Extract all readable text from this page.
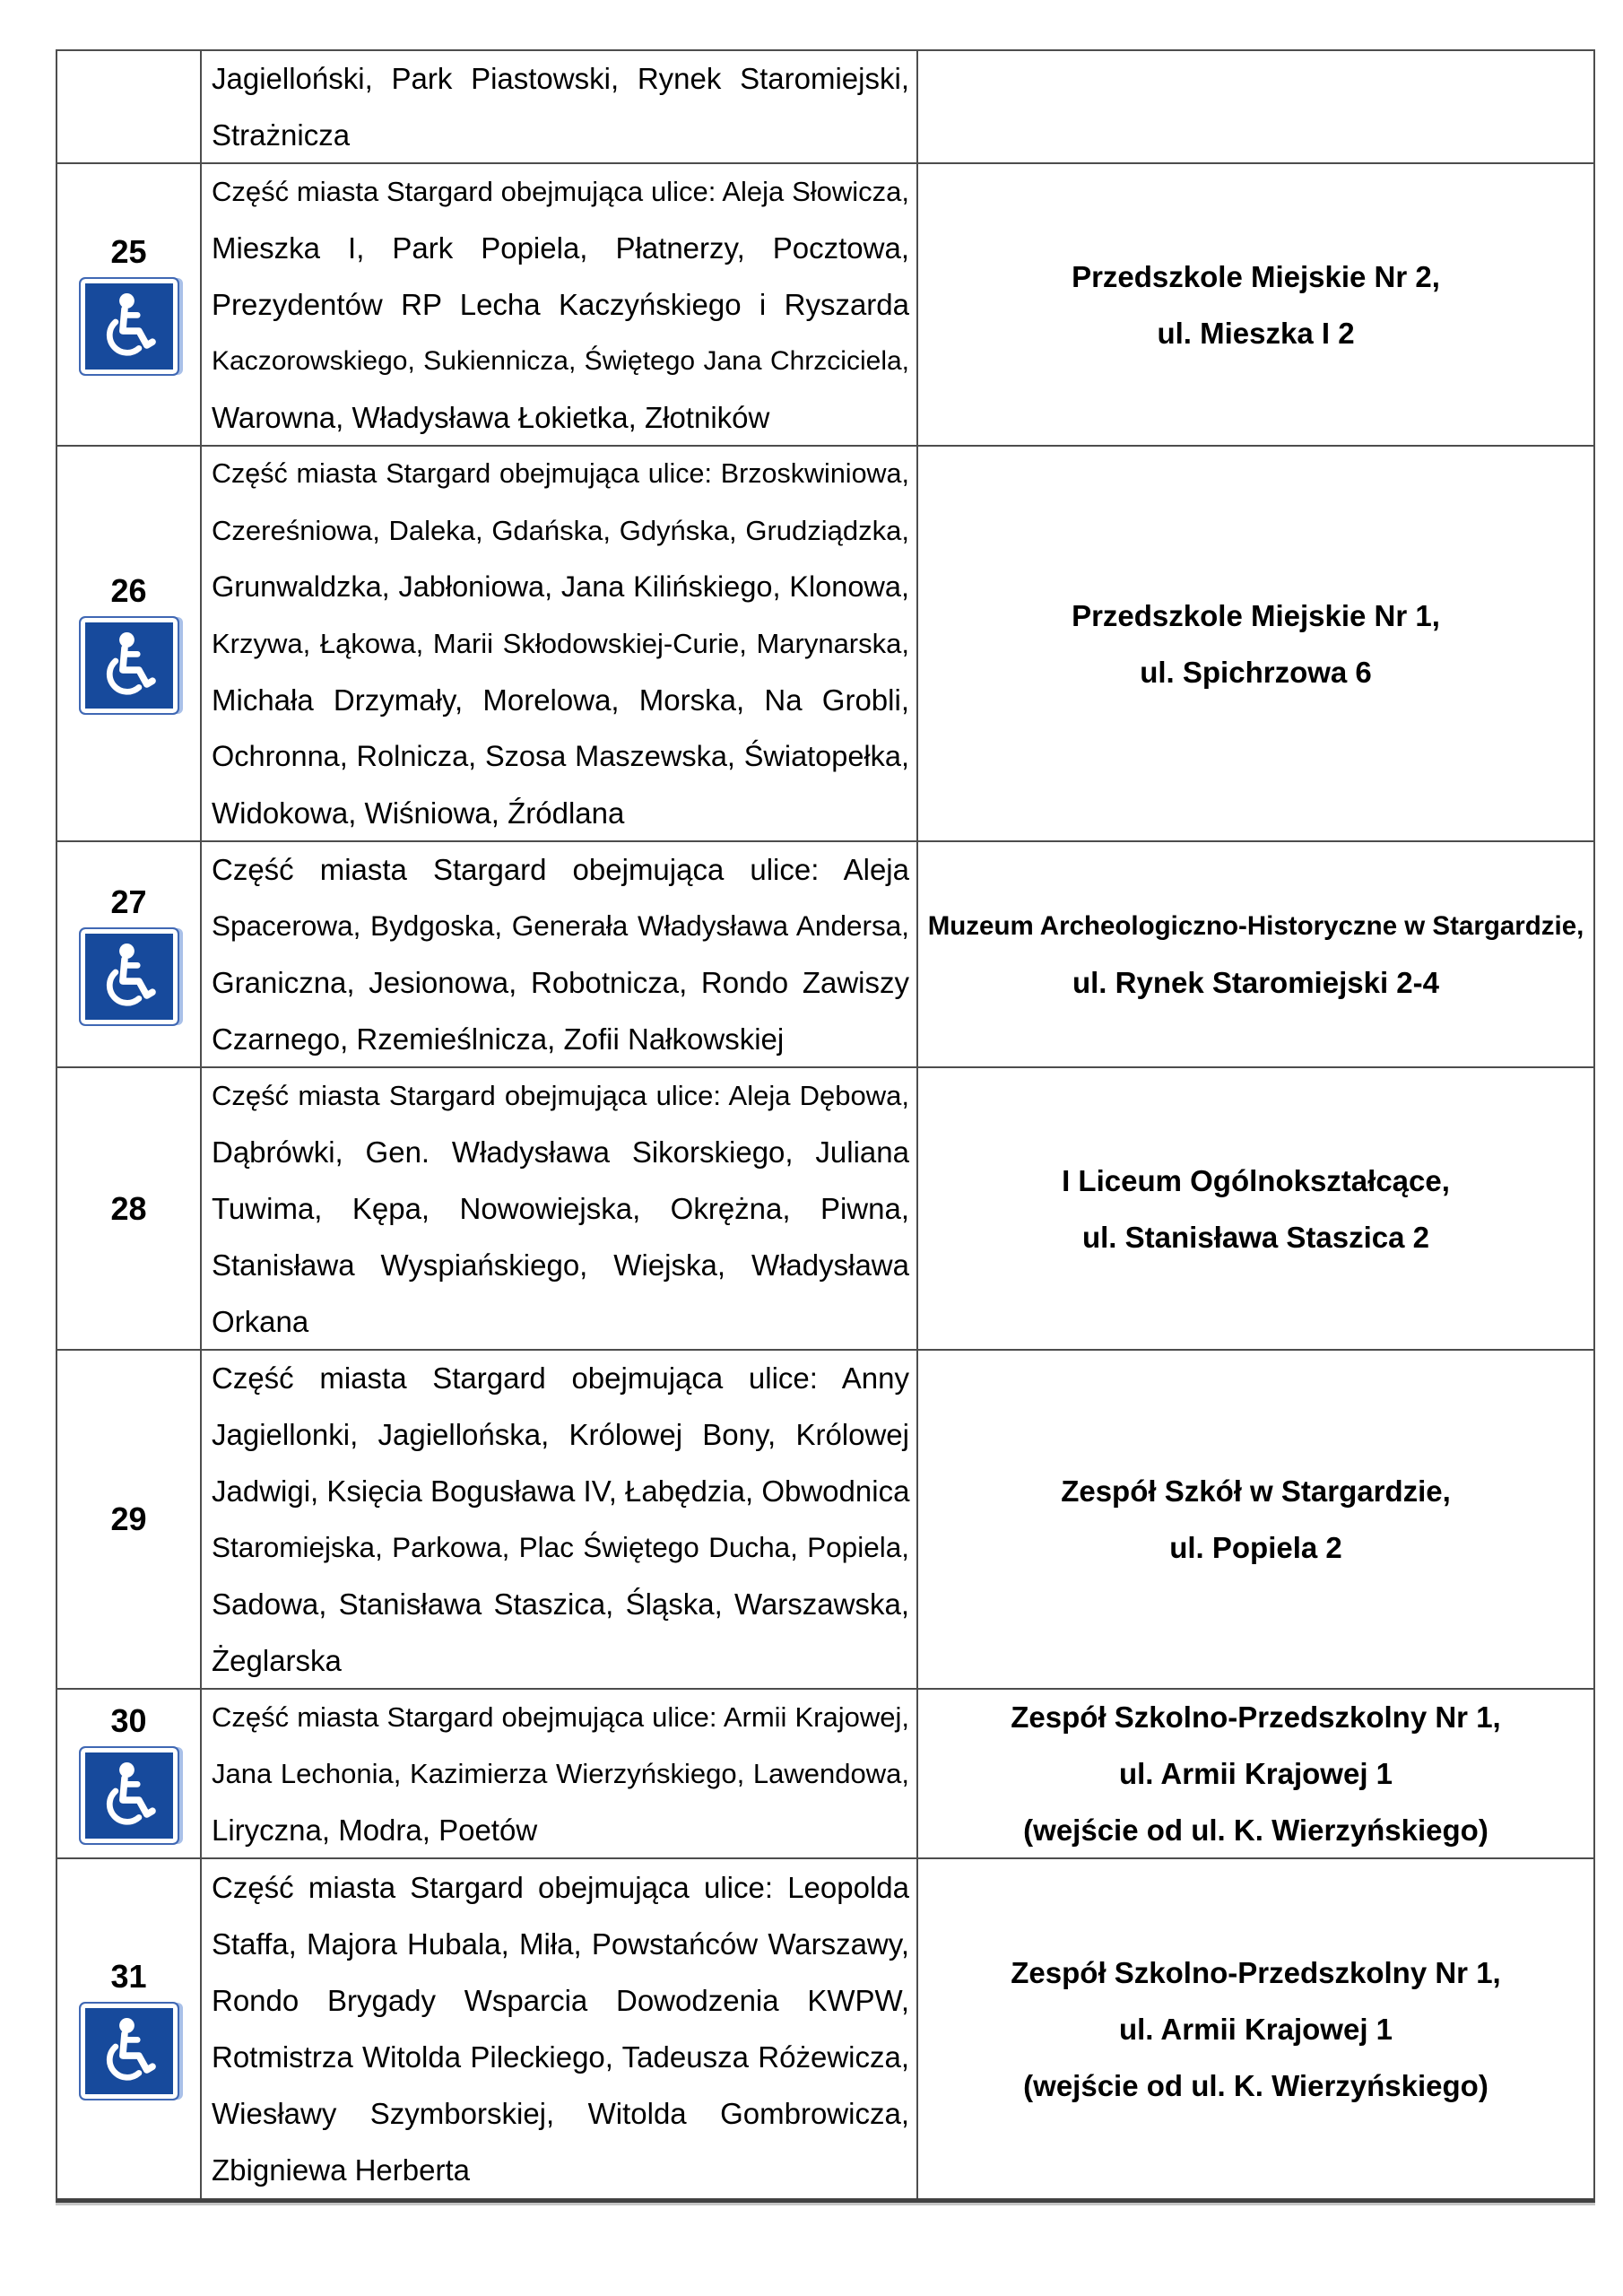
Jagielloński, Park Piastowski, Rynek Staromiejski,
Strażnicza
25
Część miasta Stargard obejmująca ulice: Aleja Słowicza,
Mieszka I, Park Popiela, Płatnerzy, Pocztowa,
Prezydentów RP Lecha Kaczyńskiego i Ryszarda
Kaczorowskiego, Sukiennicza, Świętego Jana Chrzciciela,
Warowna, Władysława Łokietka, Złotników
Przedszkole Miejskie Nr 2,
ul. Mieszka I 2
26
Część miasta Stargard obejmująca ulice: Brzoskwiniowa,
Czereśniowa, Daleka, Gdańska, Gdyńska, Grudziądzka,
Grunwaldzka, Jabłoniowa, Jana Kilińskiego, Klonowa,
Krzywa, Łąkowa, Marii Skłodowskiej-Curie, Marynarska,
Michała Drzymały, Morelowa, Morska, Na Grobli,
Ochronna, Rolnicza, Szosa Maszewska, Światopełka,
Widokowa, Wiśniowa, Źródlana
Przedszkole Miejskie Nr 1,
ul. Spichrzowa 6
27
Część miasta Stargard obejmująca ulice: Aleja
Spacerowa, Bydgoska, Generała Władysława Andersa,
Graniczna, Jesionowa, Robotnicza, Rondo Zawiszy
Czarnego, Rzemieślnicza, Zofii Nałkowskiej
Muzeum Archeologiczno-Historyczne w Stargardzie,
ul. Rynek Staromiejski 2-4
28
Część miasta Stargard obejmująca ulice: Aleja Dębowa,
Dąbrówki, Gen. Władysława Sikorskiego, Juliana
Tuwima, Kępa, Nowowiejska, Okrężna, Piwna,
Stanisława Wyspiańskiego, Wiejska, Władysława
Orkana
I Liceum Ogólnokształcące,
ul. Stanisława Staszica 2
29
Część miasta Stargard obejmująca ulice: Anny
Jagiellonki, Jagiellońska, Królowej Bony, Królowej
Jadwigi, Księcia Bogusława IV, Łabędzia, Obwodnica
Staromiejska, Parkowa, Plac Świętego Ducha, Popiela,
Sadowa, Stanisława Staszica, Śląska, Warszawska,
Żeglarska
Zespół Szkół w Stargardzie,
ul. Popiela 2
30 Część miasta Stargard obejmująca ulice: Armii Krajowej,
Jana Lechonia, Kazimierza Wierzyńskiego, Lawendowa,
Liryczna, Modra, Poetów
Zespół Szkolno-Przedszkolny Nr 1,
ul. Armii Krajowej 1
(wejście od ul. K. Wierzyńskiego)
31
Część miasta Stargard obejmująca ulice: Leopolda
Staffa, Majora Hubala, Miła, Powstańców Warszawy,
Rondo Brygady Wsparcia Dowodzenia KWPW,
Rotmistrza Witolda Pileckiego, Tadeusza Różewicza,
Wiesławy Szymborskiej, Witolda Gombrowicza,
Zbigniewa Herberta
Zespół Szkolno-Przedszkolny Nr 1,
ul. Armii Krajowej 1
(wejście od ul. K. Wierzyńskiego)
